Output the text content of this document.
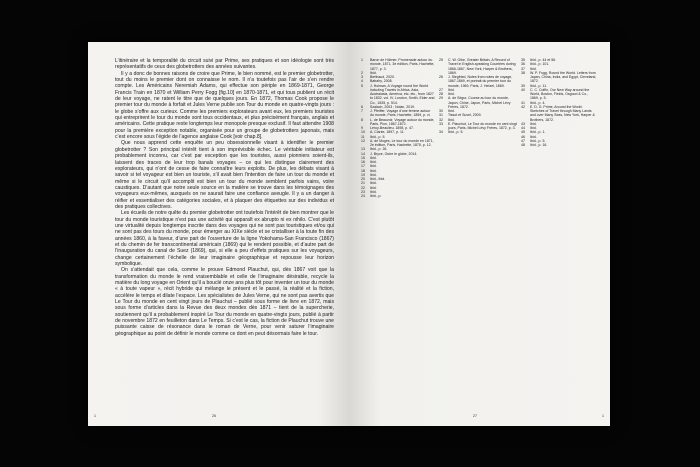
L’itinéraire et la temporalité du circuit suivi par Prime, ses pratiques et son idéologie sont très représentatifs de ceux des globetrotters des années suivantes.

Il y a donc de bonnes raisons de croire que Prime, le bien nommé, est le premier globetrotter, tout du moins le premier dont on connaisse le nom. Il n’a toutefois pas l’air de s’en rendre compte. Les Américains Neremiah Adams, qui effectue son périple en 1869-1871, George Francis Train en 1870 et William Perry Fogg [fig.10] en 1870-1871, et qui tous publient un récit de leur voyage, ne ratent le titre que de quelques jours. En 1872, Thomas Cook propose le premier tour du monde à forfait et Jules Verne publie son Tour du monde en quatre-vingts jours : le globe s’offre aux curieux. Comme les premiers explorateurs avant eux, les premiers touristes qui entreprirent le tour du monde sont tous occidentaux, et plus précisément français, anglais et américains. Cette pratique reste longtemps leur monopole presque exclusif. Il faut attendre 1908 pour la première exception notable, organisée pour un groupe de globetrotters japonais, mais c’est encore sous l’égide de l’agence anglaise Cook [voir chap.8].

Que nous apprend cette enquête un peu obsessionnelle visant à identifier le premier globetrotter ? Son principal intérêt tient à son imprévisible échec. Le véritable initiateur est probablement inconnu, car c’est par exception que les touristes, aussi pionniers soient-ils, laissent des traces de leur trop banals voyages – ce qui les distingue clairement des explorateurs, qui n’ont de cesse de faire connaître leurs exploits. De plus, les débats visant à savoir si tel voyageur est bien un touriste, s’il avait bien l’intention de faire un tour du monde et même si le circuit qu’il accomplit est bien un tour du monde semblent parfois vains, voire caustiques. D’autant que notre seule source en la matière se trouve dans les témoignages des voyageurs eux-mêmes, auxquels on ne saurait faire une confiance aveugle. Il y a un danger à réifier et essentialiser des catégories sociales, et à plaquer des étiquettes sur des individus et des pratiques collectives.

Les écueils de notre quête du premier globetrotter ont toutefois l’intérêt de bien montrer que le tour du monde touristique n’est pas une activité qui apparaît ex abrupto ni ex nihilo. C’est plutôt une virtualité depuis longtemps inscrite dans des voyages qui ne sont pas touristiques et/ou qui ne sont pas des tours du monde, pour émerger au XIXe siècle et se cristalliser à la toute fin des années 1860, à la faveur, d’une part de l’ouverture de la ligne Yokohama-San Francisco (1867) et du chemin de fer transcontinental américain (1869) qui le rendent possible, et d’autre part de l’inauguration du canal de Suez (1869), qui, si elle a peu d’effets pratiques sur les voyageurs, change certainement l’échelle de leur imaginaire géographique et repousse leur horizon symbolique.

On s’attendait que cela, comme le prouve Edmond Plauchut, qui, dès 1867 voit que la transformation du monde le rend vraisemblable et celle de l’imaginaire désirable, recycle la matière du long voyage en Orient qu’il a bouclé onze ans plus tôt pour inventer un tour du monde « à toute vapeur », récit hybride qui mélange le présent et le passé, la réalité et la fiction, accélère le temps et dilate l’espace. Les spécialistes de Jules Verne, qui ne sont pas avertis que Le Tour du monde en cent vingt jours de Plauchut – publié sous forme de livre en 1872, mais sous forme d’articles dans la Revue des deux mondes dès 1871 – tient de la supercherie, soutiennent qu’il a probablement inspiré Le Tour du monde en quatre-vingts jours, publié à partir de novembre 1872 en feuilleton dans Le Temps. Si c’est le cas, la fiction de Plauchut trouve une puissante caisse de résonance dans le roman de Verne, pour venir saturer l’imaginaire géographique au point de définir le monde comme ce dont en peut désormais faire le tour.

1	26
1	Baron de Hübner, Promenade autour du monde, 1871, 3e édition, Paris, Hachette, 1877, p. 3.
2	Ibid.
3	Berthaud, 2020.
4	Babaïry, 2008.
5	J. Holman, A Voyage round the World including Travels in Africa, Asia, Australasia, America, etc. etc., from 1827 to 1832, vol. IV, London, Smith, Elder and Co., 1835, p. 514.
6	Szalach, 2003 ; Nolan, 2019.
7	J. Pfeiffer, Voyage d’une femme autour du monde, Paris, Hachette, 1859, p. vi.
8	L. de Beauvoir, Voyage autour du monde, Paris, Plon, 1867-1872.
9	Leroy-Beaulieu, 1898, p. 47.
10	A. Clarke, 1897, p. 11.
11	Ibid., p. 5.
12	A. de Moges, Le tour du monde en 1871, 2e édition, Paris, Hachette, 1875, p. 12.
13	Ibid., p. 26.
14	J. Bryce, Outre le globe, 2014.
15	Ibid.
16	Ibid.
17	Ibid.
18	Ibid.
19	Ibid.
20	Ibid., Ibid.
21	Ibid.
22	Ibid.
23	Ibid.
24	Ibid., p.
25	C. W. Gibe, Greater Britain. A Record of Travel in English-speaking Countries during 1866-1867, New York, Harper & Brothers, 1869.
26	J. Siegfried, Notes from notes de voyage, 1867-1869, et portrait du premier tour du monde, 1969, Paris, J. Hetzel, 1869.
27	Ibid.
28	Ibid.
29	A. de Ségur, Course au tour du monde, Japon, Chine, Japon, Paris, Michel Lévy Frères, 1872.
30	Ibid.
31	Tissot et Suvel, 2009.
32	Ibid.
33	E. Plauchut, Le Tour du monde en cent vingt jours, Paris, Michel Lévy Frères, 1872, p. 3.
34	Ibid., p. 5.
35	Ibid., p. 44 et 56.
36	Ibid., p. 101.
37	Ibid.
38	W. P. Fogg, Round the World. Letters from Japan, China, India, and Egypt, Cleveland, 1872.
39	Ibid., p. 11.
40	C. C. Coffin, Our New Way around the World, Boston, Fields, Osgood & Co., 1869, p. 5.
41	Ibid., p. 4.
42	E. D. G. Prime, Around the World: Sketches of Travel through Many Lands and over Many Seas, New York, Harper & Brothers, 1872.
43	Ibid.
44	Ibid.
45	Ibid., p. 1.
46	Ibid.
47	Ibid., p. 5.
48	Ibid., p. 16.
27	1
